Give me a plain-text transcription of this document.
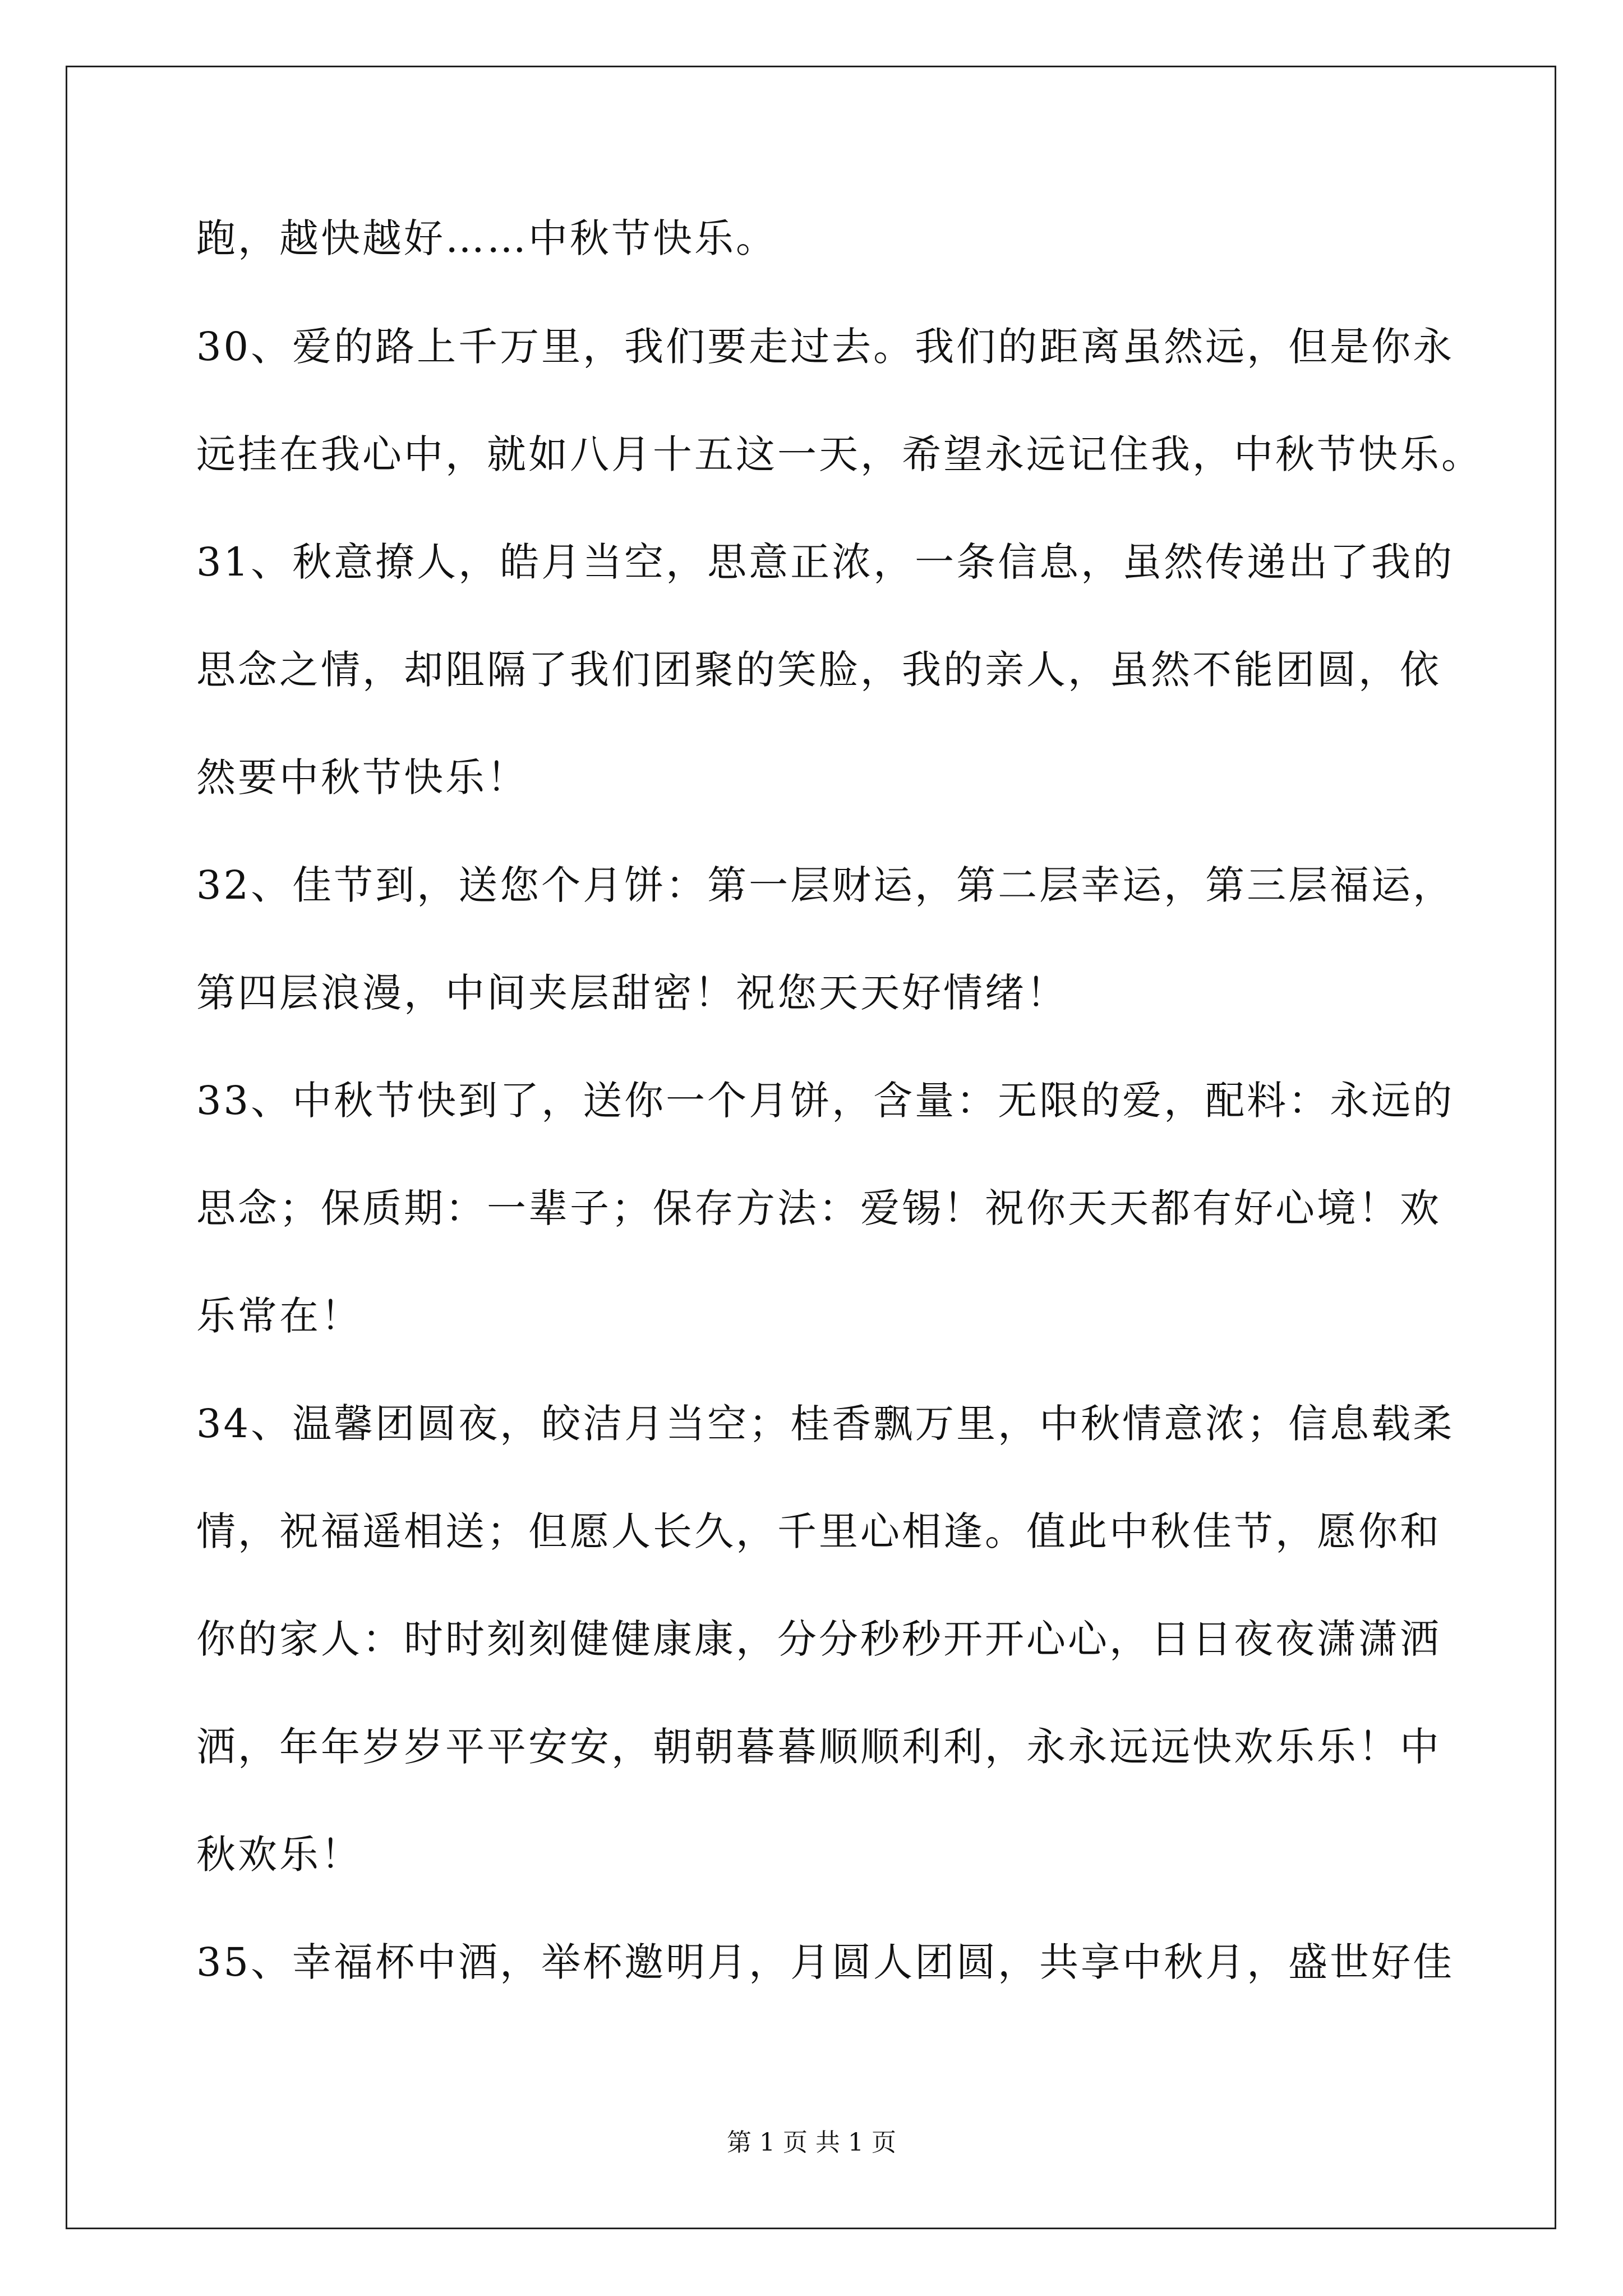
跑，越快越好……中秋节快乐。
30、爱的路上千万里，我们要走过去。我们的距离虽然远，但是你永
远挂在我心中，就如八月十五这一天，希望永远记住我，中秋节快乐。
31、秋意撩人，皓月当空，思意正浓，一条信息，虽然传递出了我的
思念之情，却阻隔了我们团聚的笑脸，我的亲人，虽然不能团圆，依
然要中秋节快乐！
32、佳节到，送您个月饼：第一层财运，第二层幸运，第三层福运，
第四层浪漫，中间夹层甜密！祝您天天好情绪！
33、中秋节快到了，送你一个月饼，含量：无限的爱，配料：永远的
思念；保质期：一辈子；保存方法：爱锡！祝你天天都有好心境！欢
乐常在！
34、温馨团圆夜，皎洁月当空；桂香飘万里，中秋情意浓；信息载柔
情，祝福遥相送；但愿人长久，千里心相逢。值此中秋佳节，愿你和
你的家人：时时刻刻健健康康，分分秒秒开开心心，日日夜夜潇潇洒
洒，年年岁岁平平安安，朝朝暮暮顺顺利利，永永远远快欢乐乐！中
秋欢乐！
35、幸福杯中酒，举杯邀明月，月圆人团圆，共享中秋月，盛世好佳
第 1 页 共 1 页
